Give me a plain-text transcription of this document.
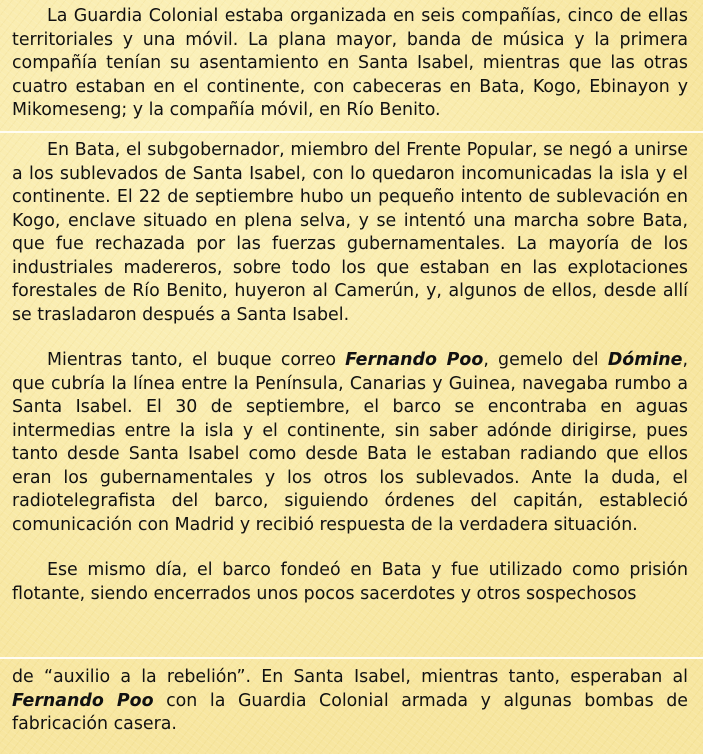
La Guardia Colonial estaba organizada en seis compañías, cinco de ellas territoriales y una móvil. La plana mayor, banda de música y la primera compañía tenían su asentamiento en Santa Isabel, mientras que las otras cuatro estaban en el continente, con cabeceras en Bata, Kogo, Ebinayon y Mikomeseng; y la compañía móvil, en Río Benito.

En Bata, el subgobernador, miembro del Frente Popular, se negó a unirse a los sublevados de Santa Isabel, con lo quedaron incomunicadas la isla y el continente. El 22 de septiembre hubo un pequeño intento de sublevación en Kogo, enclave situado en plena selva, y se intentó una marcha sobre Bata, que fue rechazada por las fuerzas gubernamentales. La mayoría de los industriales madereros, sobre todo los que estaban en las explotaciones forestales de Río Benito, huyeron al Camerún, y, algunos de ellos, desde allí se trasladaron después a Santa Isabel.

Mientras tanto, el buque correo Fernando Poo, gemelo del Dómine, que cubría la línea entre la Península, Canarias y Guinea, navegaba rumbo a Santa Isabel. El 30 de septiembre, el barco se encontraba en aguas intermedias entre la isla y el continente, sin saber adónde dirigirse, pues tanto desde Santa Isabel como desde Bata le estaban radiando que ellos eran los gubernamentales y los otros los sublevados. Ante la duda, el radiotelegrafista del barco, siguiendo órdenes del capitán, estableció comunicación con Madrid y recibió respuesta de la verdadera situación.

Ese mismo día, el barco fondeó en Bata y fue utilizado como prisión flotante, siendo encerrados unos pocos sacerdotes y otros sospechosos

de “auxilio a la rebelión”. En Santa Isabel, mientras tanto, esperaban al Fernando Poo con la Guardia Colonial armada y algunas bombas de fabricación casera.
